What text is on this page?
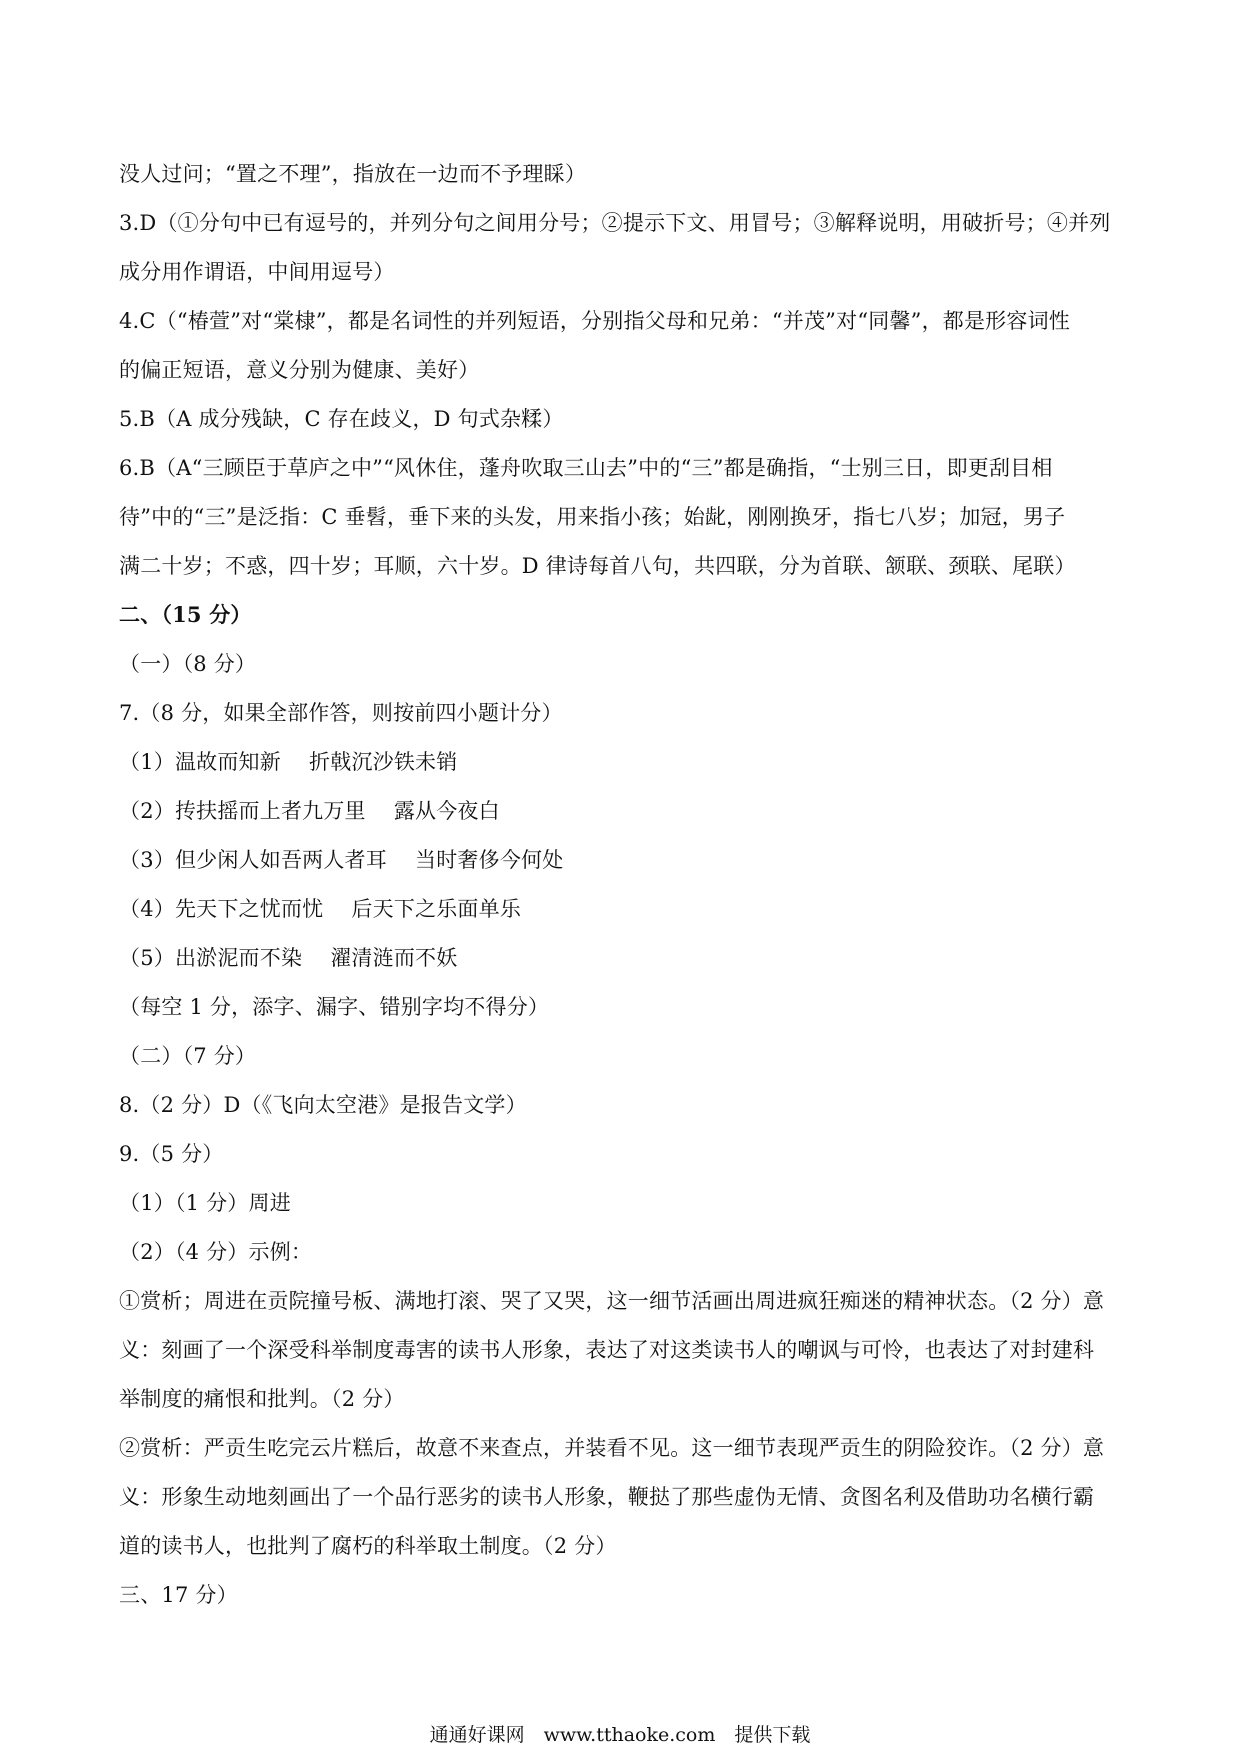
没人过问；“置之不理”，指放在一边而不予理睬）
3.D（①分句中已有逗号的，并列分句之间用分号；②提示下文、用冒号；③解释说明，用破折号；④并列
成分用作谓语，中间用逗号）
4.C（“椿萱”对“棠棣”，都是名词性的并列短语，分别指父母和兄弟：“并茂”对“同馨”，都是形容词性
的偏正短语，意义分别为健康、美好）
5.B（A 成分残缺，C 存在歧义，D 句式杂糅）
6.B（A“三顾臣于草庐之中”“风休住，蓬舟吹取三山去”中的“三”都是确指，“士别三日，即更刮目相
待”中的“三”是泛指：C 垂髫，垂下来的头发，用来指小孩；始龀，刚刚换牙，指七八岁；加冠，男子
满二十岁；不惑，四十岁；耳顺，六十岁。D 律诗每首八句，共四联，分为首联、颔联、颈联、尾联）
二、（15 分）
（一）（8 分）
7.（8 分，如果全部作答，则按前四小题计分）
（1）温故而知新　 折戟沉沙铁未销
（2）抟扶摇而上者九万里　 露从今夜白
（3）但少闲人如吾两人者耳　 当时奢侈今何处
（4）先天下之忧而忧　 后天下之乐面单乐
（5）出淤泥而不染　 濯清涟而不妖
（每空 1 分，添字、漏字、错别字均不得分）
（二）（7 分）
8.（2 分）D（《飞向太空港》是报告文学）
9.（5 分）
（1）（1 分）周进
（2）（4 分）示例：
①赏析；周进在贡院撞号板、满地打滚、哭了又哭，这一细节活画出周进疯狂痴迷的精神状态。（2 分）意
义：刻画了一个深受科举制度毒害的读书人形象，表达了对这类读书人的嘲讽与可怜，也表达了对封建科
举制度的痛恨和批判。（2 分）
②赏析：严贡生吃完云片糕后，故意不来查点，并装看不见。这一细节表现严贡生的阴险狡诈。（2 分）意
义：形象生动地刻画出了一个品行恶劣的读书人形象，鞭挞了那些虚伪无情、贪图名利及借助功名横行霸
道的读书人，也批判了腐朽的科举取土制度。（2 分）
三、17 分）
通通好课网　www.tthaoke.com　提供下载
